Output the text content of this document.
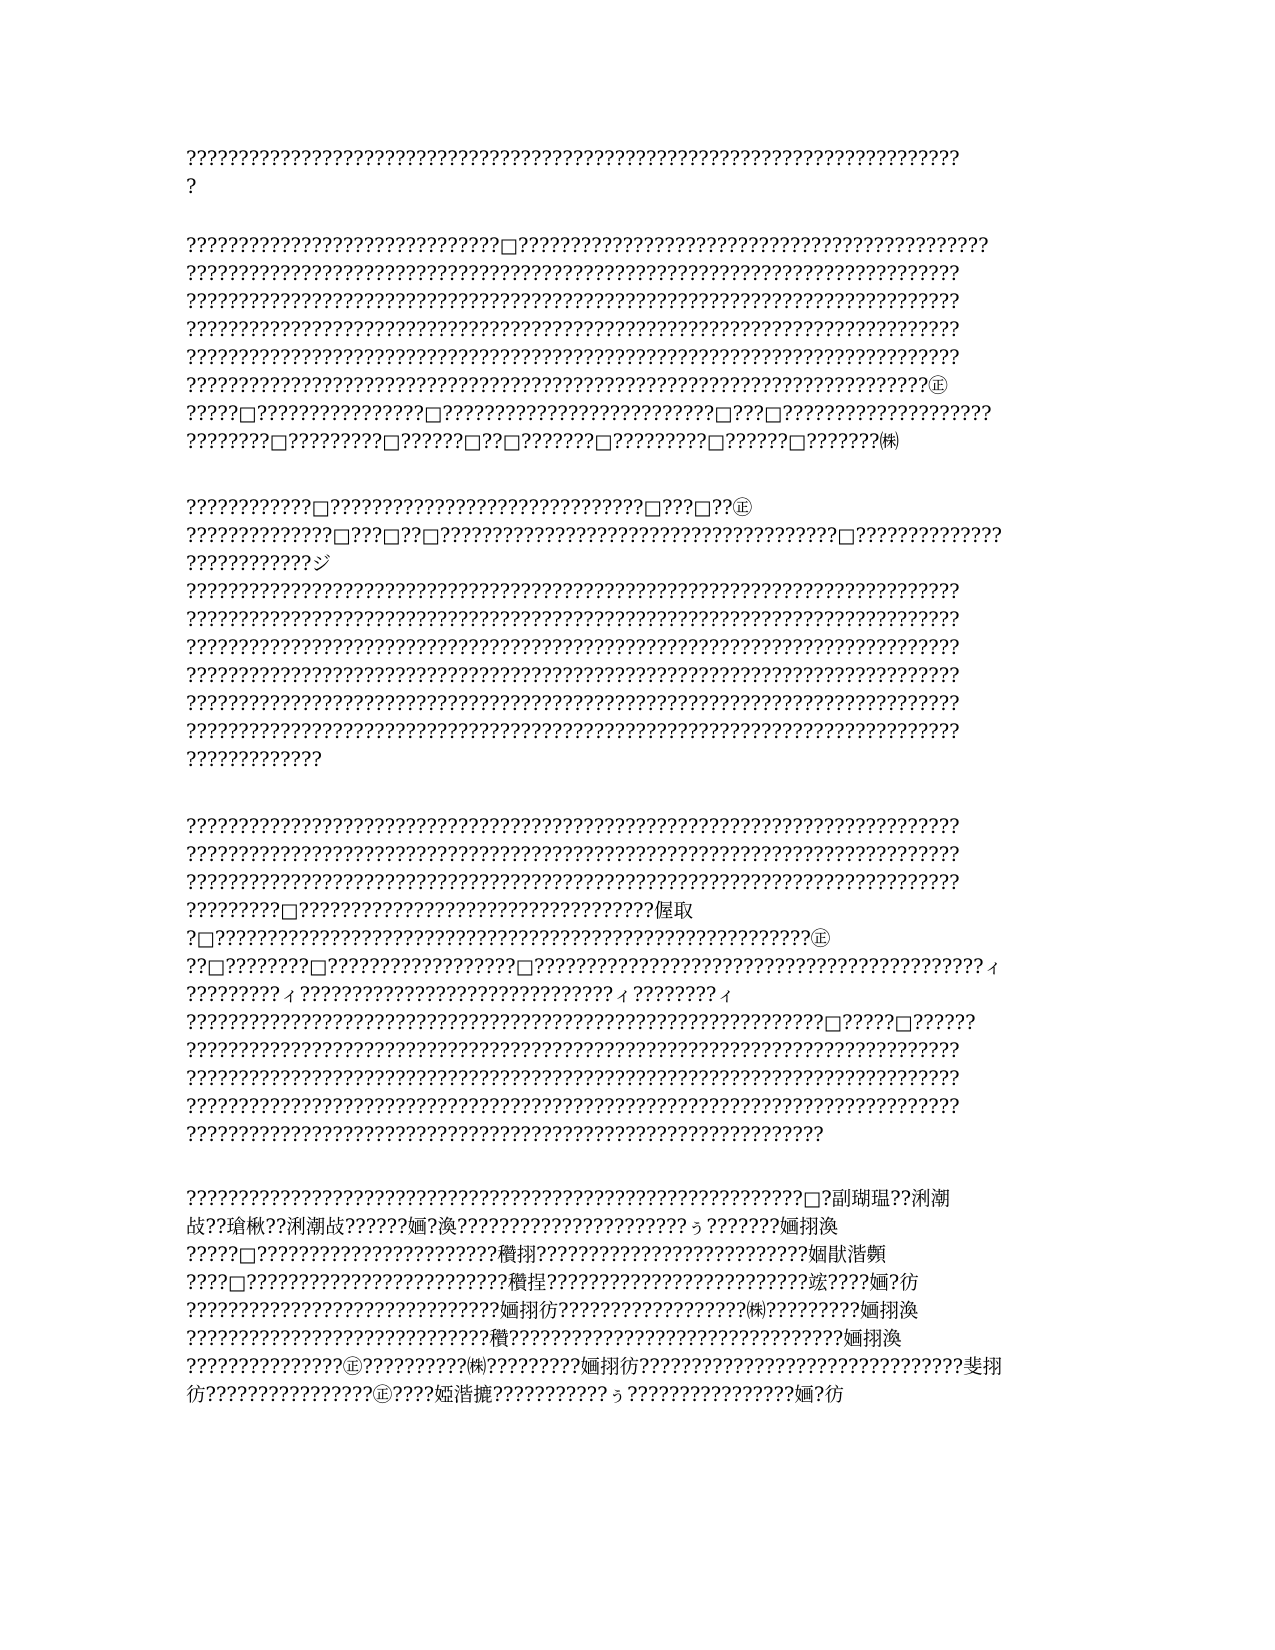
??????????????????????????????????????????????????????????????????????????
?
??????????????????????????????□?????????????????????????????????????????????
??????????????????????????????????????????????????????????????????????????
??????????????????????????????????????????????????????????????????????????
??????????????????????????????????????????????????????????????????????????
??????????????????????????????????????????????????????????????????????????
???????????????????????????????????????????????????????????????????????㊣
?????□????????????????□??????????????????????????□???□????????????????????
????????□?????????□??????□??□???????□?????????□??????□???????㈱
????????????□??????????????????????????????□???□??㊣
??????????????□???□??□??????????????????????????????????????□??????????????
????????????ジ
??????????????????????????????????????????????????????????????????????????
??????????????????????????????????????????????????????????????????????????
??????????????????????????????????????????????????????????????????????????
??????????????????????????????????????????????????????????????????????????
??????????????????????????????????????????????????????????????????????????
??????????????????????????????????????????????????????????????????????????
?????????????
??????????????????????????????????????????????????????????????????????????
??????????????????????????????????????????????????????????????????????????
??????????????????????????????????????????????????????????????????????????
?????????□??????????????????????????????????偓取
?□?????????????????????????????????????????????????????????㊣
??□????????□??????????????????□???????????????????????????????????????????ィ
?????????ィ??????????????????????????????ィ????????ィ
?????????????????????????????????????????????????????????????□?????□??????
??????????????????????????????????????????????????????????????????????????
??????????????????????????????????????????????????????????????????????????
??????????????????????????????????????????????????????????????????????????
?????????????????????????????????????????????????????????????
???????????????????????????????????????????????????????????□?副瑚瑥??浰潮
敁??瑲楸??浰潮敁??????婳?渙??????????????????????ぅ???????婳挧渙
?????□???????????????????????穳挧??????????????????????????婟猒湝顭
????□?????????????????????????穳挰?????????????????????????竤????婳?彷
??????????????????????????????婳挧彷??????????????????㈱?????????婳挧渙
?????????????????????????????穳????????????????????????????????婳挧渙
???????????????㊣??????????㈱?????????婳挧彷???????????????????????????????斐挧
彷????????????????㊣????婭湝摝???????????ぅ????????????????婳?彷
